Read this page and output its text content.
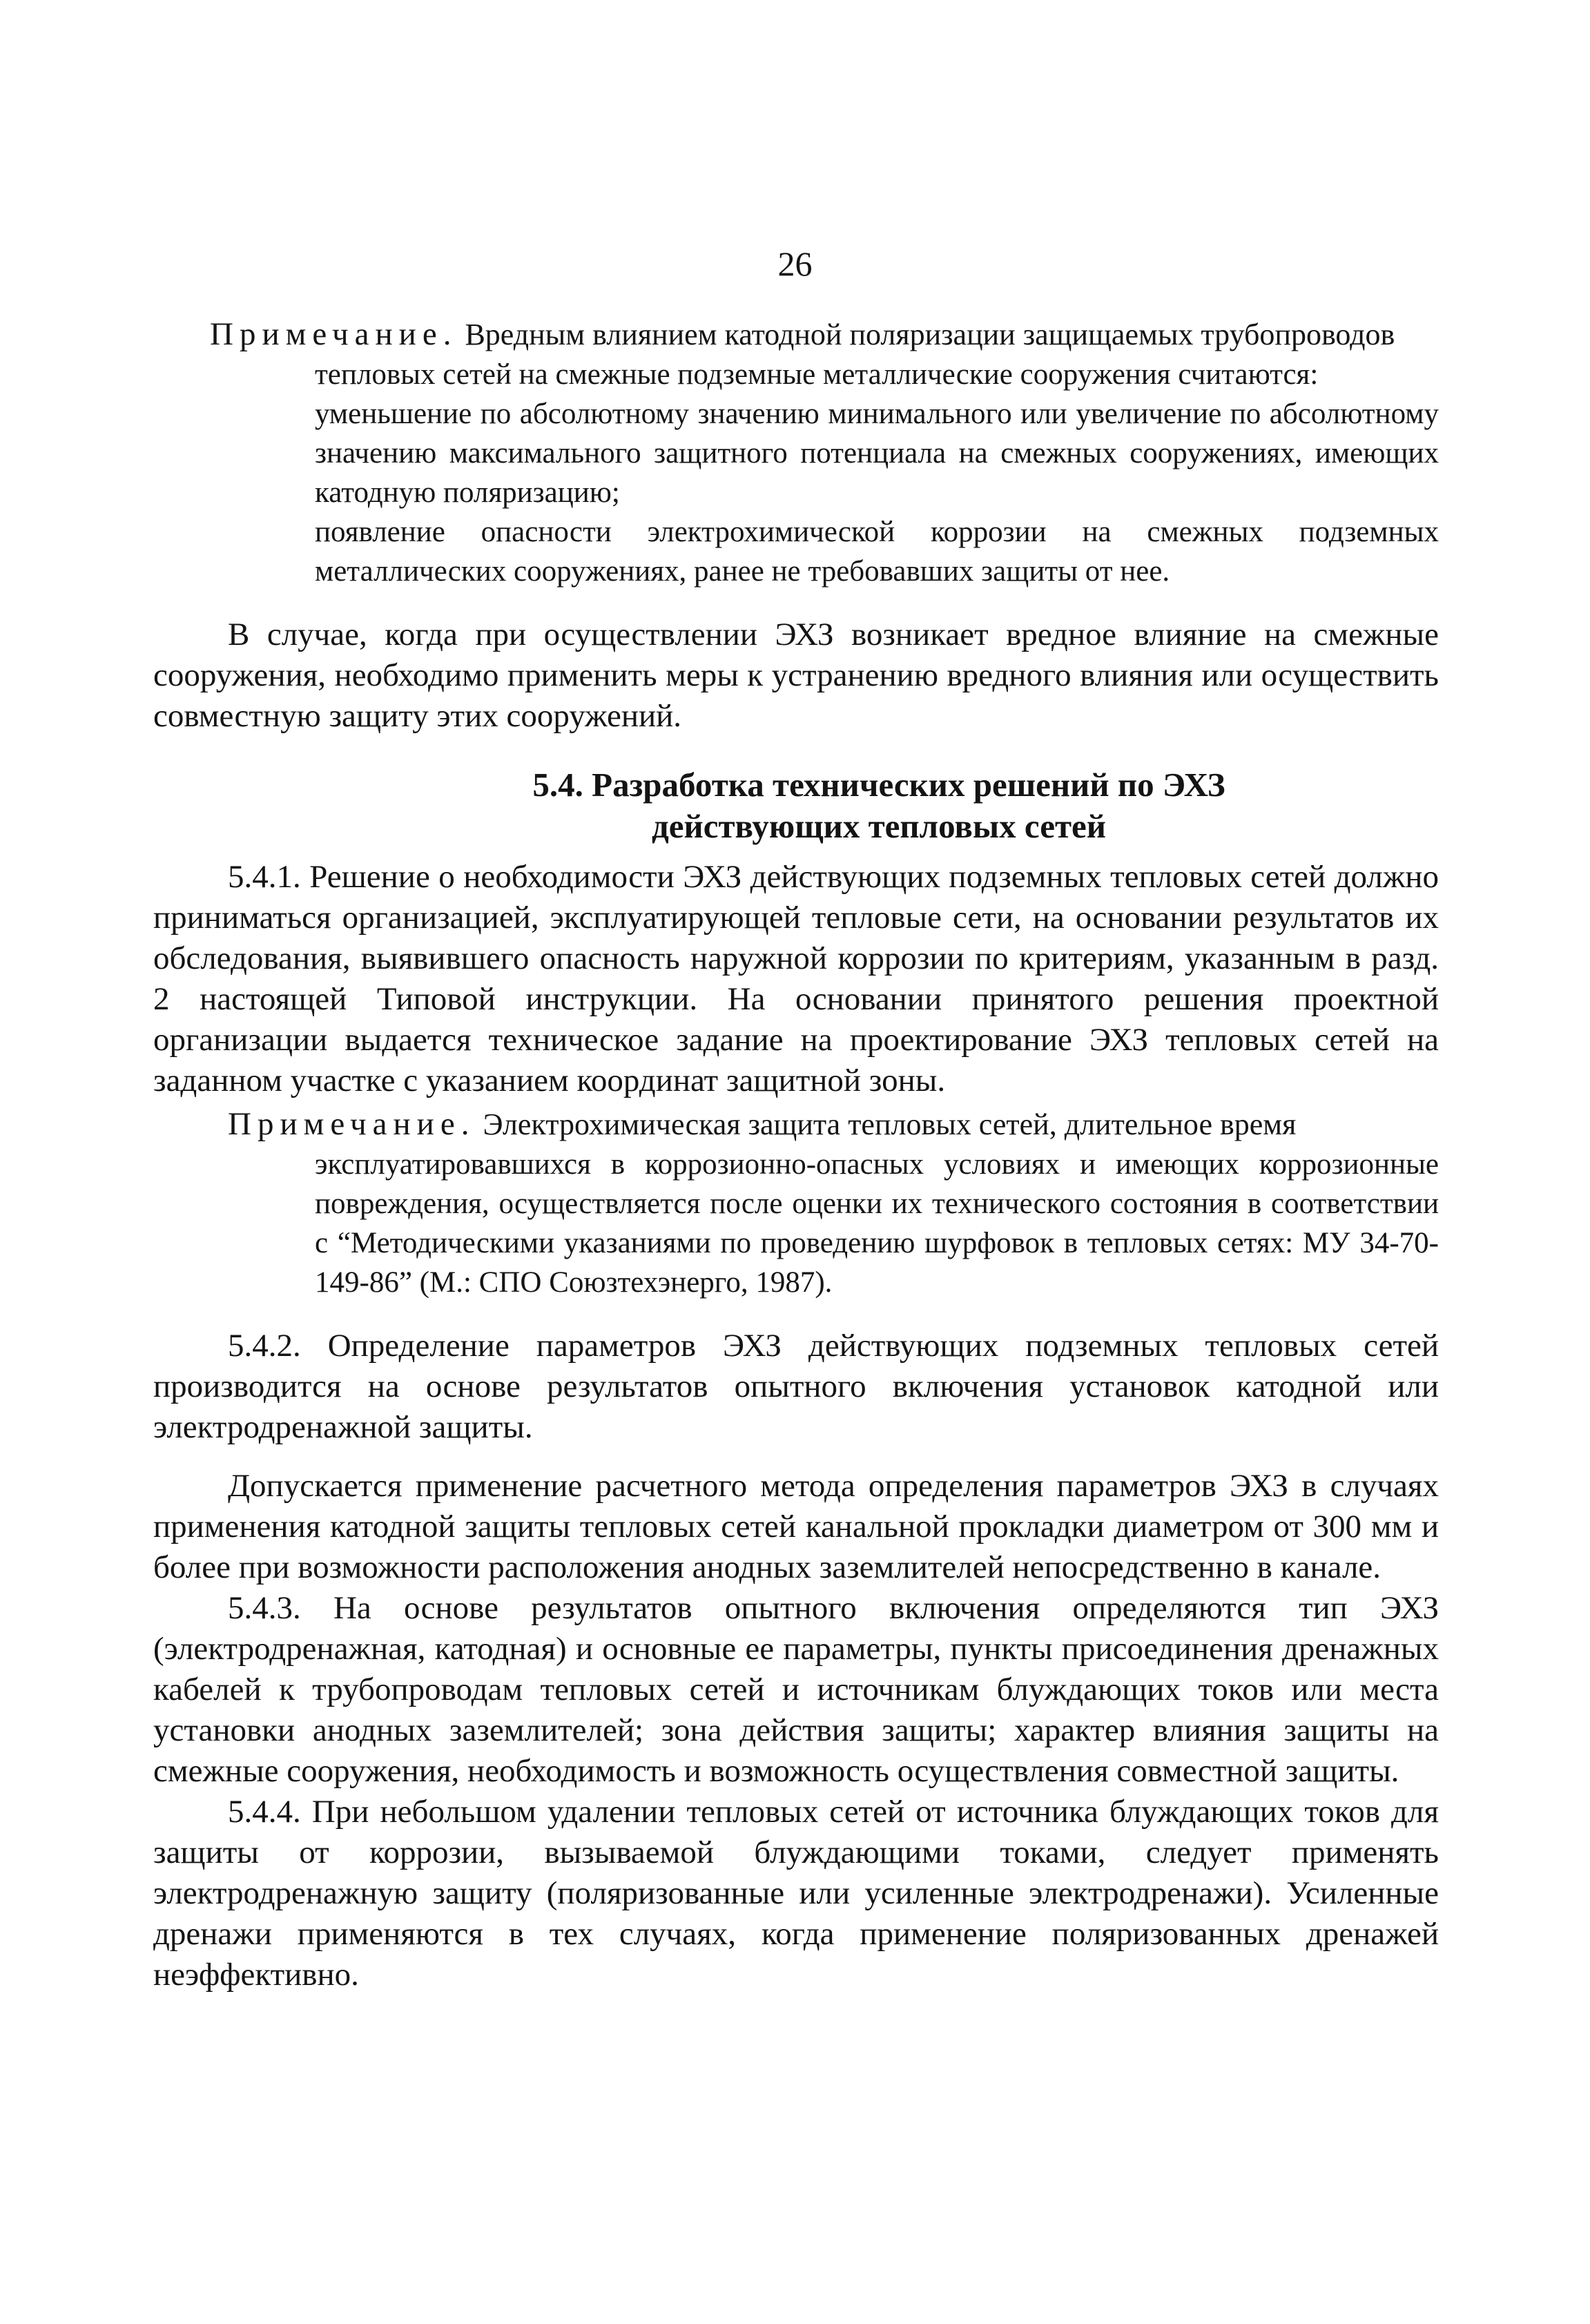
26
Примечание. Вредным влиянием катодной поляризации защищаемых трубопроводов
тепловых сетей на смежные подземные металлические сооружения считаются:
уменьшение по абсолютному значению минимального или увеличение по абсолютному значению максимального защитного потенциала на смежных сооружениях, имеющих катодную поляризацию;
появление опасности электрохимической коррозии на смежных подземных металлических сооружениях, ранее не требовавших защиты от нее.

В случае, когда при осуществлении ЭХЗ возникает вредное влияние на смежные сооружения, необходимо применить меры к устранению вредного влияния или осуществить совместную защиту этих сооружений.

5.4. Разработка технических решений по ЭХЗ
действующих тепловых сетей

5.4.1. Решение о необходимости ЭХЗ действующих подземных тепловых сетей должно приниматься организацией, эксплуатирующей тепловые сети, на основании результатов их обследования, выявившего опасность наружной коррозии по критериям, указанным в разд. 2 настоящей Типовой инструкции. На основании принятого решения проектной организации выдается техническое задание на проектирование ЭХЗ тепловых сетей на заданном участке с указанием координат защитной зоны.

Примечание. Электрохимическая защита тепловых сетей, длительное время
эксплуатировавшихся в коррозионно-опасных условиях и имеющих коррозионные повреждения, осуществляется после оценки их технического состояния в соответствии с “Методическими указаниями по проведению шурфовок в тепловых сетях: МУ 34-70-149-86” (М.: СПО Союзтехэнерго, 1987).

5.4.2. Определение параметров ЭХЗ действующих подземных тепловых сетей производится на основе результатов опытного включения установок катодной или электродренажной защиты.

Допускается применение расчетного метода определения параметров ЭХЗ в случаях применения катодной защиты тепловых сетей канальной прокладки диаметром от 300 мм и более при возможности расположения анодных заземлителей непосредственно в канале.

5.4.3. На основе результатов опытного включения определяются тип ЭХЗ (электродренажная, катодная) и основные ее параметры, пункты присоединения дренажных кабелей к трубопроводам тепловых сетей и источникам блуждающих токов или места установки анодных заземлителей; зона действия защиты; характер влияния защиты на смежные сооружения, необходимость и возможность осуществления совместной защиты.

5.4.4. При небольшом удалении тепловых сетей от источника блуждающих токов для защиты от коррозии, вызываемой блуждающими токами, следует применять электродренажную защиту (поляризованные или усиленные электродренажи). Усиленные дренажи применяются в тех случаях, когда применение поляризованных дренажей неэффективно.
